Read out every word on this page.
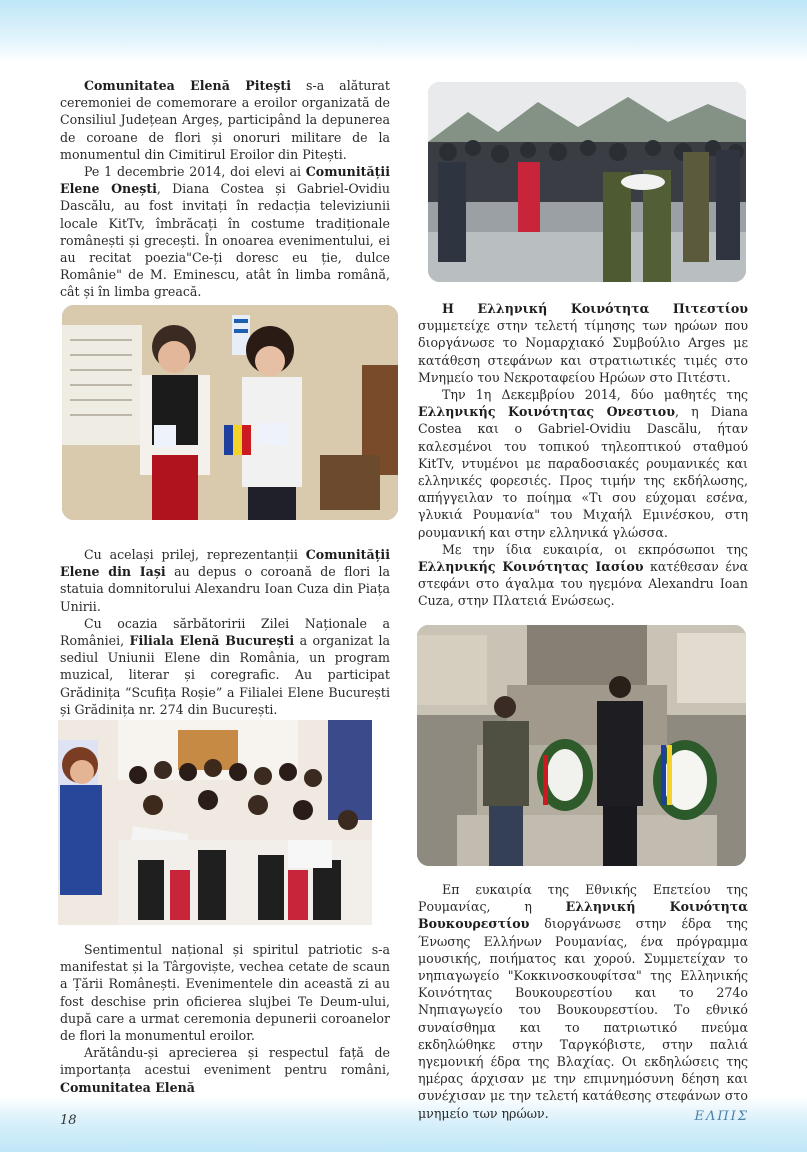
Comunitatea Elenă Pitești s-a alăturat ceremoniei de comemorare a eroilor organizată de Consiliul Județean Argeș, participând la depunerea de coroane de flori și onoruri militare de la monumentul din Cimitirul Eroilor din Pitești.

Pe 1 decembrie 2014, doi elevi ai Comunității Elene Onești, Diana Costea și Gabriel-Ovidiu Dascălu, au fost invitați în redacția televiziunii locale KitTv, îmbrăcați în costume tradiționale românești și grecești. În onoarea evenimentului, ei au recitat poezia"Ce-ți doresc eu ție, dulce Românie" de M. Eminescu, atât în limba română, cât și în limba greacă.

Cu același prilej, reprezentanții Comunității Elene din Iași au depus o coroană de flori la statuia domnitorului Alexandru Ioan Cuza din Piața Unirii.

Cu ocazia sărbătoririi Zilei Naționale a României, Filiala Elenă București a organizat la sediul Uniunii Elene din România, un program muzical, literar și coregrafic. Au participat Grădinița “Scufița Roșie” a Filialei Elene București și Grădinița nr. 274 din București.

Sentimentul național și spiritul patriotic s-a manifestat și la Târgoviște, vechea cetate de scaun a Țării Românești. Evenimentele din această zi au fost deschise prin oficierea slujbei Te Deum-ului, după care a urmat ceremonia depunerii coroanelor de flori la monumentul eroilor.

Arătându-și aprecierea și respectul față de importanța acestui eveniment pentru români, Comunitatea Elenă

Η Ελληνική Κοινότητα Πιτεστίου συμμετείχε στην τελετή τίμησης των ηρώων που διοργάνωσε το Νομαρχιακό Συμβούλιο Arges με κατάθεση στεφάνων και στρατιωτικές τιμές στο Μνημείο του Νεκροταφείου Ηρώων στο Πιτέστι.

Την 1η Δεκεμβρίου 2014, δύο μαθητές της Ελληνικής Κοινότητας Ονεστιου, η Diana Costea και ο Gabriel-Ovidiu Dascălu, ήταν καλεσμένοι του τοπικού τηλεοπτικού σταθμού KitTv, ντυμένοι με παραδοσιακές ρουμανικές και ελληνικές φορεσιές. Προς τιμήν της εκδήλωσης, απήγγειλαν το ποίημα «Τι σου εύχομαι εσένα, γλυκιά Ρουμανία" του Μιχαήλ Εμινέσκου, στη ρουμανική και στην ελληνικά γλώσσα.

Με την ίδια ευκαιρία, οι εκπρόσωποι της Ελληνικής Κοινότητας Ιασίου κατέθεσαν ένα στεφάνι στο άγαλμα του ηγεμόνα Alexandru Ioan Cuza, στην Πλατειά Ενώσεως.

Επ ευκαιρία της Εθνικής Επετείου της Ρουμανίας, η Ελληνική Κοινότητα Βουκουρεστίου διοργάνωσε στην έδρα της Ένωσης Ελλήνων Ρουμανίας, ένα πρόγραμμα μουσικής, ποιήματος και χορού. Συμμετείχαν το νηπιαγωγείο "Κοκκινοσκουφίτσα" της Ελληνικής Κοινότητας Βουκουρεστίου και το 274ο Νηπιαγωγείο του Βουκουρεστίου. Το εθνικό συναίσθημα και το πατριωτικό πνεύμα εκδηλώθηκε στην Ταργκόβιστε, στην παλιά ηγεμονική έδρα της Βλαχίας. Οι εκδηλώσεις της ημέρας άρχισαν με την επιμνημόσυνη δέηση και συνέχισαν με την τελετή κατάθεσης στεφάνων στο μνημείο των ηρώων.

18	ΕΛΠΙΣ
